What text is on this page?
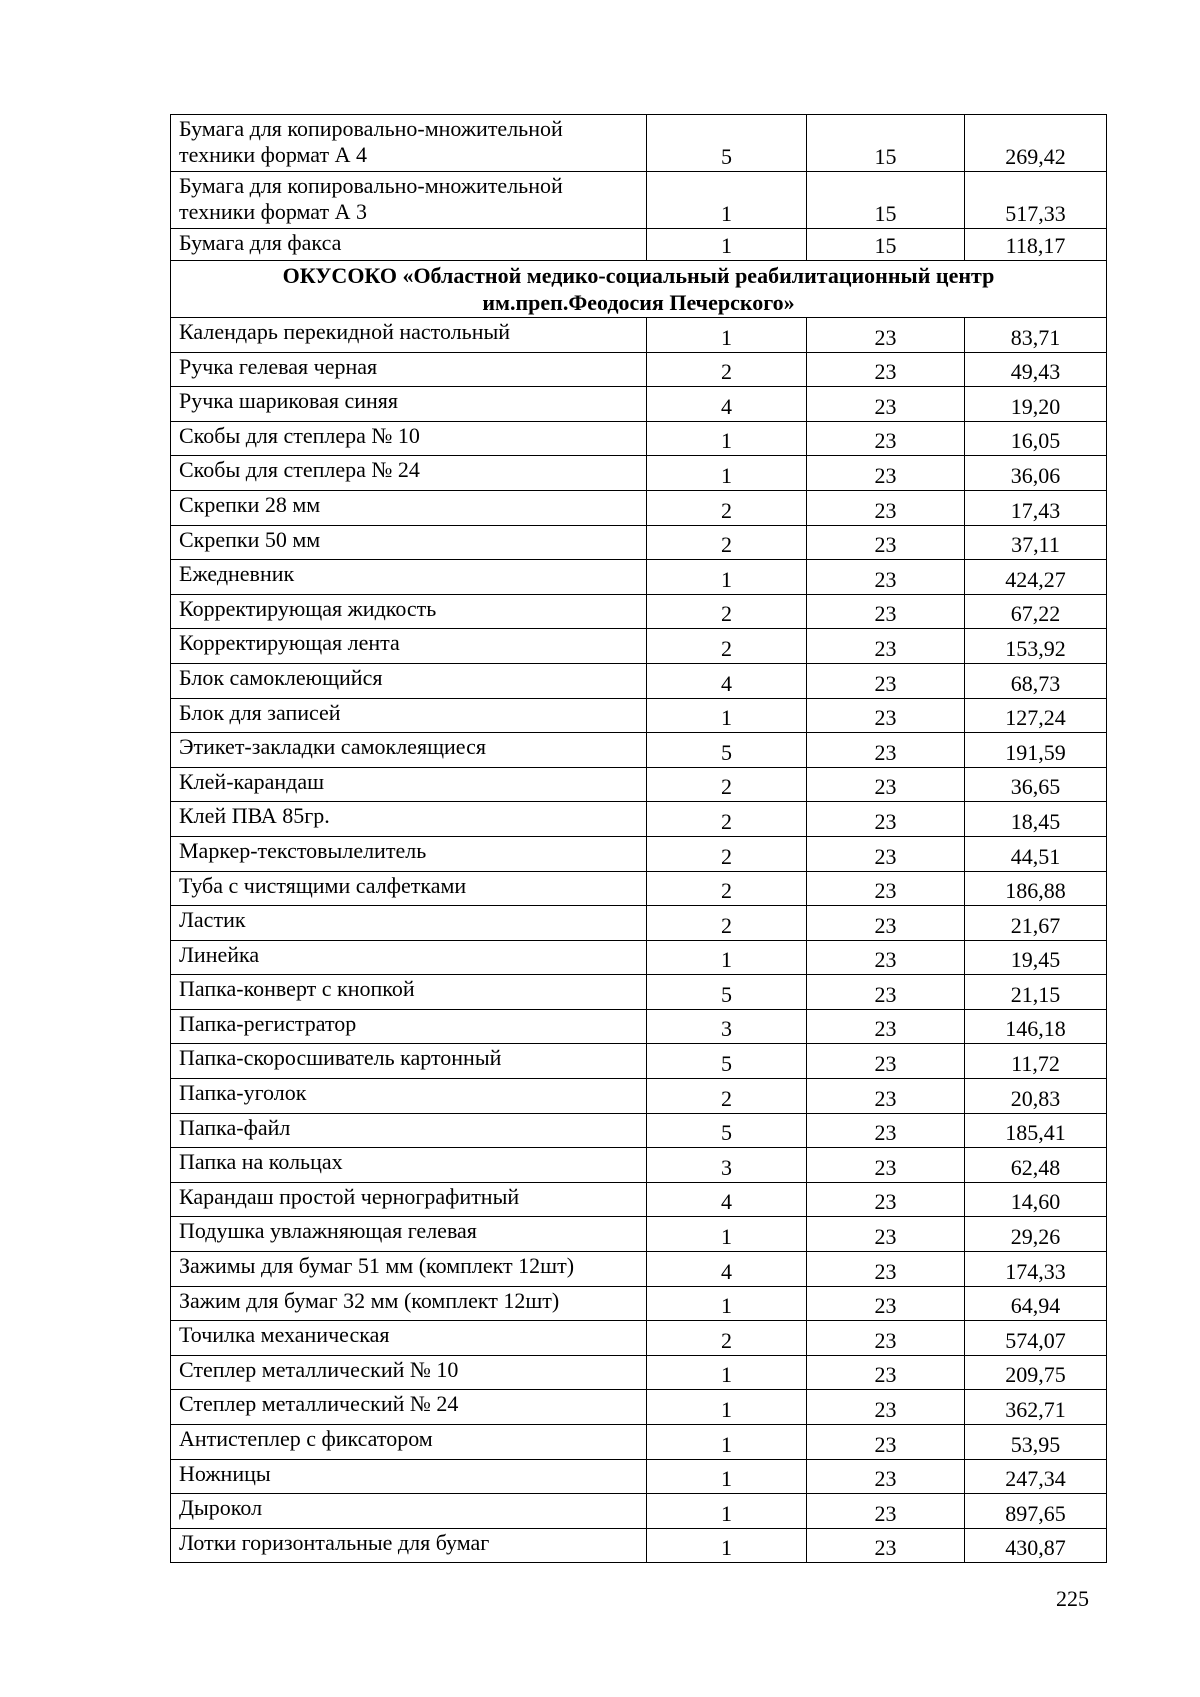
Бумага для копировально-множительной техники формат А 4	5	15	269,42
Бумага для копировально-множительной техники формат А 3	1	15	517,33
Бумага для факса	1	15	118,17
ОКУСОКО «Областной медико-социальный реабилитационный центр
им.преп.Феодосия Печерского»			
Календарь перекидной настольный	1	23	83,71
Ручка гелевая черная	2	23	49,43
Ручка шариковая синяя	4	23	19,20
Скобы для степлера № 10	1	23	16,05
Скобы для степлера № 24	1	23	36,06
Скрепки 28 мм	2	23	17,43
Скрепки 50 мм	2	23	37,11
Ежедневник	1	23	424,27
Корректирующая жидкость	2	23	67,22
Корректирующая лента	2	23	153,92
Блок самоклеющийся	4	23	68,73
Блок для записей	1	23	127,24
Этикет-закладки самоклеящиеся	5	23	191,59
Клей-карандаш	2	23	36,65
Клей ПВА 85гр.	2	23	18,45
Маркер-текстовылелитель	2	23	44,51
Туба с чистящими салфетками	2	23	186,88
Ластик	2	23	21,67
Линейка	1	23	19,45
Папка-конверт с кнопкой	5	23	21,15
Папка-регистратор	3	23	146,18
Папка-скоросшиватель картонный	5	23	11,72
Папка-уголок	2	23	20,83
Папка-файл	5	23	185,41
Папка на кольцах	3	23	62,48
Карандаш простой чернографитный	4	23	14,60
Подушка увлажняющая гелевая	1	23	29,26
Зажимы для бумаг 51 мм (комплект 12шт)	4	23	174,33
Зажим для бумаг 32 мм (комплект 12шт)	1	23	64,94
Точилка механическая	2	23	574,07
Степлер металлический № 10	1	23	209,75
Степлер металлический № 24	1	23	362,71
Антистеплер с фиксатором	1	23	53,95
Ножницы	1	23	247,34
Дырокол	1	23	897,65
Лотки горизонтальные для бумаг	1	23	430,87
225
